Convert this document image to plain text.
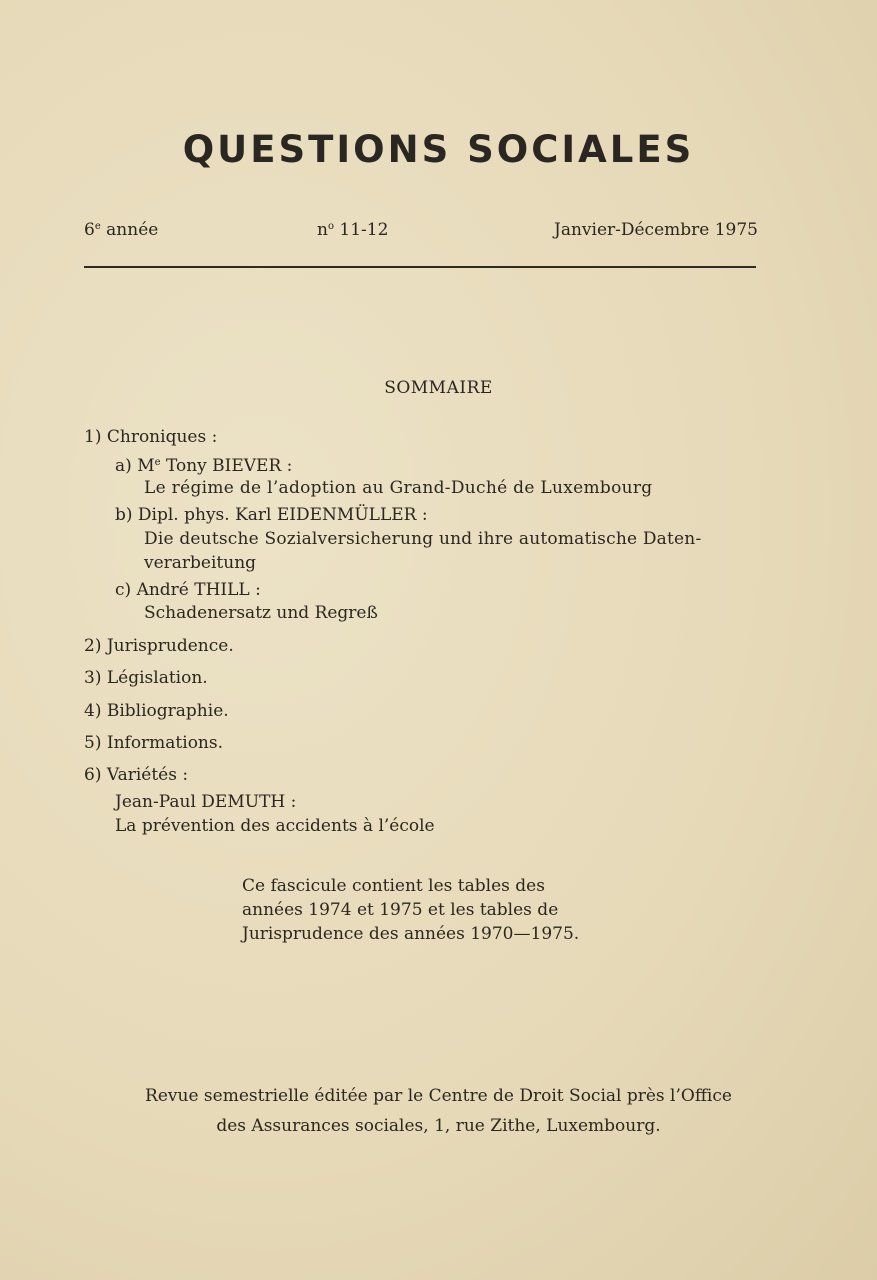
QUESTIONS SOCIALES
6e année	$n^o$ 11-12	Janvier-Décembre 1975
SOMMAIRE
1) Chroniques :
a) Me Tony BIEVER :
Le régime de l’adoption au Grand-Duché de Luxembourg
b) Dipl. phys. Karl EIDENMÜLLER :
Die deutsche Sozialversicherung und ihre automatische Daten-
verarbeitung
c) André THILL :
Schadenersatz und Regreß
2) Jurisprudence.
3) Législation.
4) Bibliographie.
5) Informations.
6) Variétés :
Jean-Paul DEMUTH :
La prévention des accidents à l’école
Ce fascicule contient les tables des
années 1974 et 1975 et les tables de
Jurisprudence des années 1970—1975.
Revue semestrielle éditée par le Centre de Droit Social près l’Office
des Assurances sociales, 1, rue Zithe, Luxembourg.
